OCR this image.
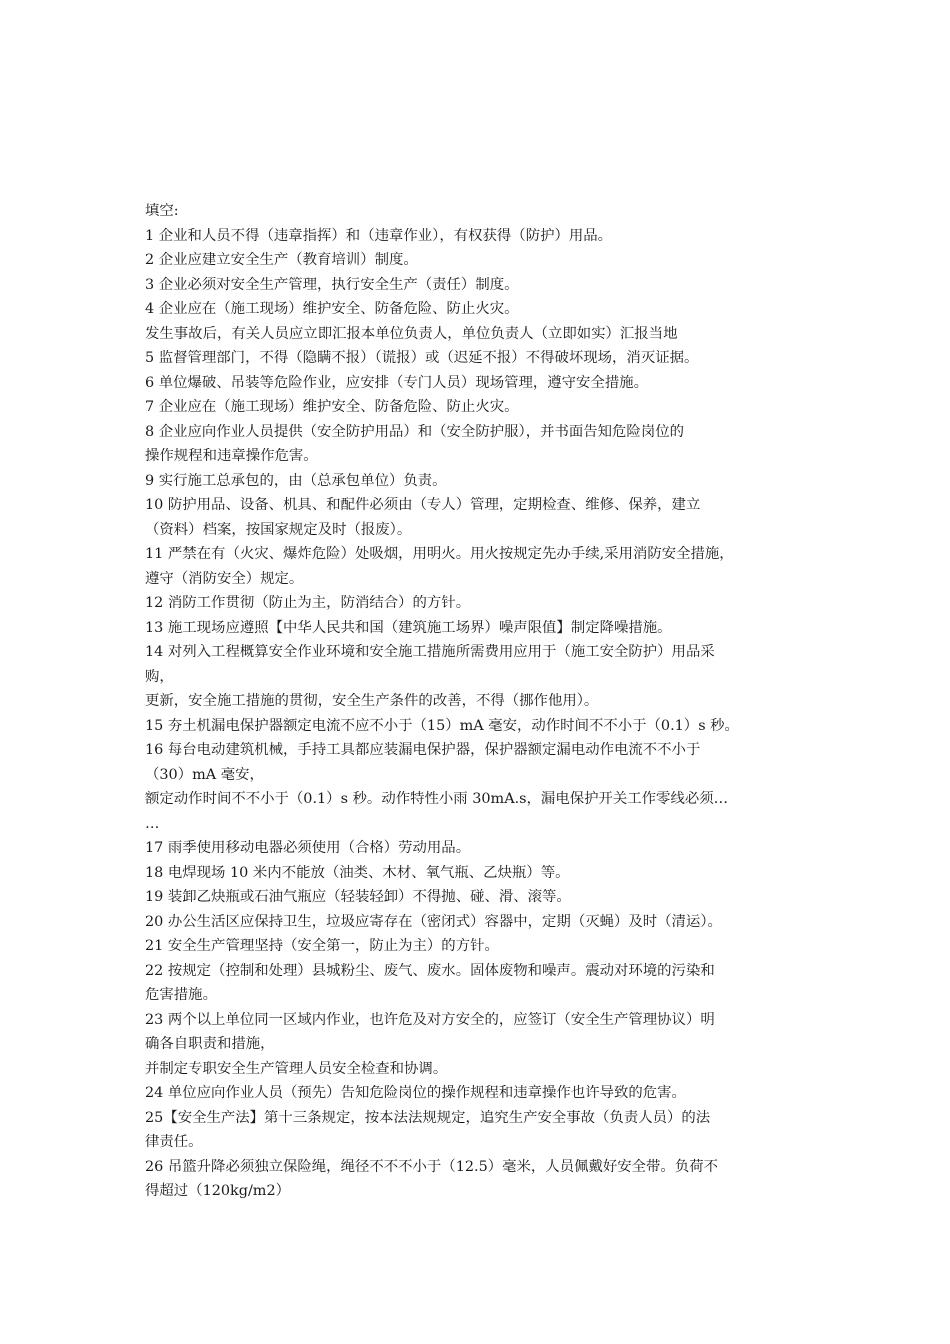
填空:
1 企业和人员不得（违章指挥）和（违章作业），有权获得（防护）用品。
2 企业应建立安全生产（教育培训）制度。
3 企业必须对安全生产管理，执行安全生产（责任）制度。
4 企业应在（施工现场）维护安全、防备危险、防止火灾。
发生事故后，有关人员应立即汇报本单位负责人，单位负责人（立即如实）汇报当地
5 监督管理部门，不得（隐瞒不报）（谎报）或（迟延不报）不得破坏现场，消灭证据。
6 单位爆破、吊装等危险作业，应安排（专门人员）现场管理，遵守安全措施。
7 企业应在（施工现场）维护安全、防备危险、防止火灾。
8 企业应向作业人员提供（安全防护用品）和（安全防护服），并书面告知危险岗位的
操作规程和违章操作危害。
9 实行施工总承包的，由（总承包单位）负责。
10 防护用品、设备、机具、和配件必须由（专人）管理，定期检查、维修、保养，建立
（资料）档案，按国家规定及时（报废）。
11 严禁在有（火灾、爆炸危险）处吸烟，用明火。用火按规定先办手续,采用消防安全措施，
遵守（消防安全）规定。
12 消防工作贯彻（防止为主，防消结合）的方针。
13 施工现场应遵照【中华人民共和国（建筑施工场界）噪声限值】制定降噪措施。
14 对列入工程概算安全作业环境和安全施工措施所需费用应用于（施工安全防护）用品采
购，
更新，安全施工措施的贯彻，安全生产条件的改善，不得（挪作他用）。
15 夯土机漏电保护器额定电流不应不小于（15）mA 毫安，动作时间不不小于（0.1）s 秒。
16 每台电动建筑机械，手持工具都应装漏电保护器，保护器额定漏电动作电流不不小于
（30）mA 毫安，
额定动作时间不不小于（0.1）s 秒。动作特性小雨 30mA.s，漏电保护开关工作零线必须…
…
17 雨季使用移动电器必须使用（合格）劳动用品。
18 电焊现场 10 米内不能放（油类、木材、氧气瓶、乙炔瓶）等。
19 装卸乙炔瓶或石油气瓶应（轻装轻卸）不得抛、碰、滑、滚等。
20 办公生活区应保持卫生，垃圾应寄存在（密闭式）容器中，定期（灭蝇）及时（清运）。
21 安全生产管理坚持（安全第一，防止为主）的方针。
22 按规定（控制和处理）县城粉尘、废气、废水。固体废物和噪声。震动对环境的污染和
危害措施。
23 两个以上单位同一区域内作业，也许危及对方安全的，应签订（安全生产管理协议）明
确各自职责和措施，
并制定专职安全生产管理人员安全检查和协调。
24 单位应向作业人员（预先）告知危险岗位的操作规程和违章操作也许导致的危害。
25【安全生产法】第十三条规定，按本法法规规定，追究生产安全事故（负责人员）的法
律责任。
26 吊篮升降必须独立保险绳，绳径不不不小于（12.5）毫米，人员佩戴好安全带。负荷不
得超过（120kg/m2）
